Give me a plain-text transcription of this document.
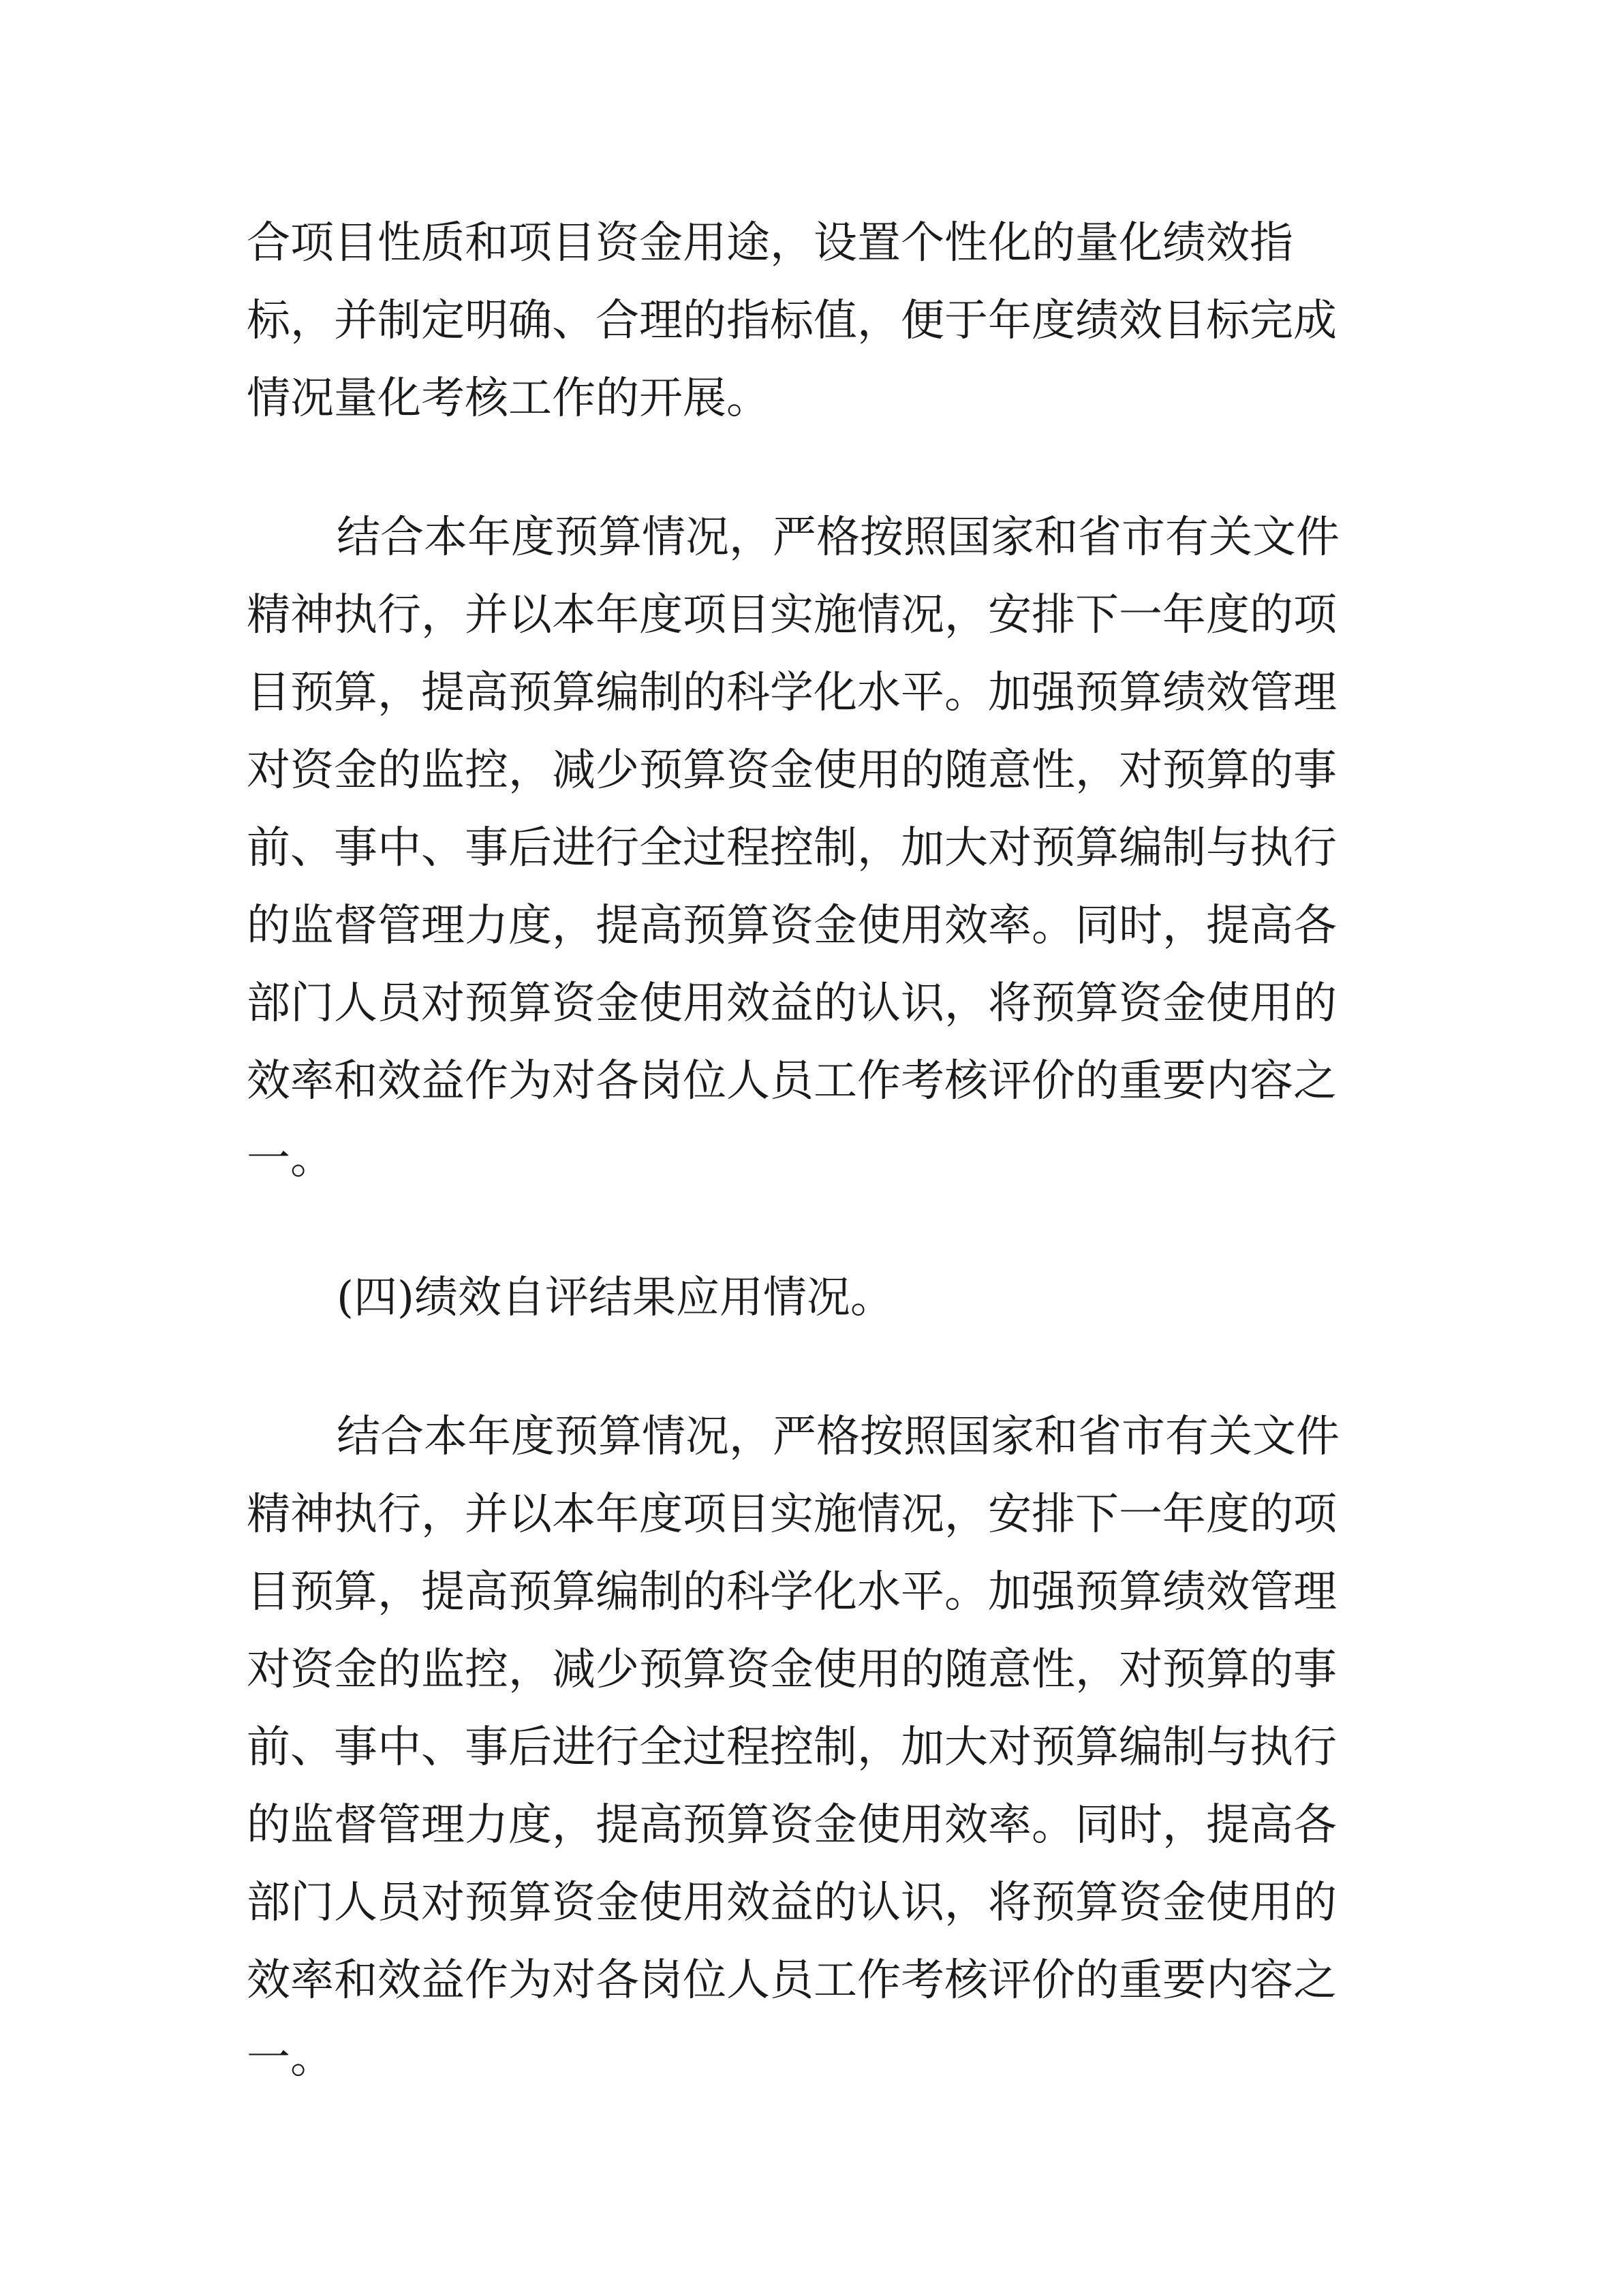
合项目性质和项目资金用途，设置个性化的量化绩效指
标，并制定明确、合理的指标值，便于年度绩效目标完成
情况量化考核工作的开展。
结合本年度预算情况，严格按照国家和省市有关文件
精神执行，并以本年度项目实施情况，安排下一年度的项
目预算，提高预算编制的科学化水平。加强预算绩效管理
对资金的监控，减少预算资金使用的随意性，对预算的事
前、事中、事后进行全过程控制，加大对预算编制与执行
的监督管理力度，提高预算资金使用效率。同时，提高各
部门人员对预算资金使用效益的认识，将预算资金使用的
效率和效益作为对各岗位人员工作考核评价的重要内容之
一。
(四)绩效自评结果应用情况。
结合本年度预算情况，严格按照国家和省市有关文件
精神执行，并以本年度项目实施情况，安排下一年度的项
目预算，提高预算编制的科学化水平。加强预算绩效管理
对资金的监控，减少预算资金使用的随意性，对预算的事
前、事中、事后进行全过程控制，加大对预算编制与执行
的监督管理力度，提高预算资金使用效率。同时，提高各
部门人员对预算资金使用效益的认识，将预算资金使用的
效率和效益作为对各岗位人员工作考核评价的重要内容之
一。
